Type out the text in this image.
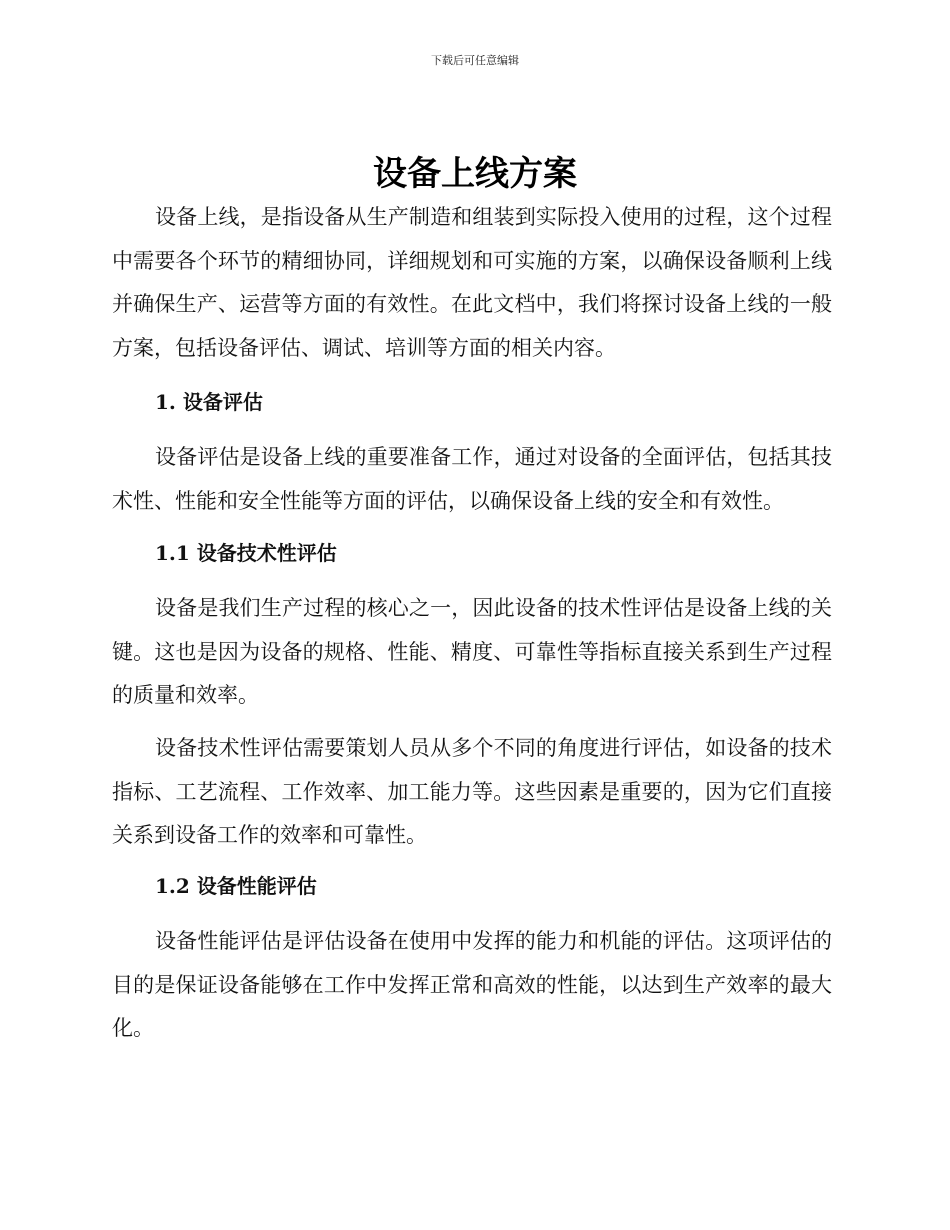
下载后可任意编辑
设备上线方案

设备上线，是指设备从生产制造和组装到实际投入使用的过程，这个过程中需要各个环节的精细协同，详细规划和可实施的方案，以确保设备顺利上线并确保生产、运营等方面的有效性。在此文档中，我们将探讨设备上线的一般方案，包括设备评估、调试、培训等方面的相关内容。

1. 设备评估

设备评估是设备上线的重要准备工作，通过对设备的全面评估，包括其技术性、性能和安全性能等方面的评估，以确保设备上线的安全和有效性。

1.1 设备技术性评估

设备是我们生产过程的核心之一，因此设备的技术性评估是设备上线的关键。这也是因为设备的规格、性能、精度、可靠性等指标直接关系到生产过程的质量和效率。

设备技术性评估需要策划人员从多个不同的角度进行评估，如设备的技术指标、工艺流程、工作效率、加工能力等。这些因素是重要的，因为它们直接关系到设备工作的效率和可靠性。

1.2 设备性能评估

设备性能评估是评估设备在使用中发挥的能力和机能的评估。这项评估的目的是保证设备能够在工作中发挥正常和高效的性能，以达到生产效率的最大化。
